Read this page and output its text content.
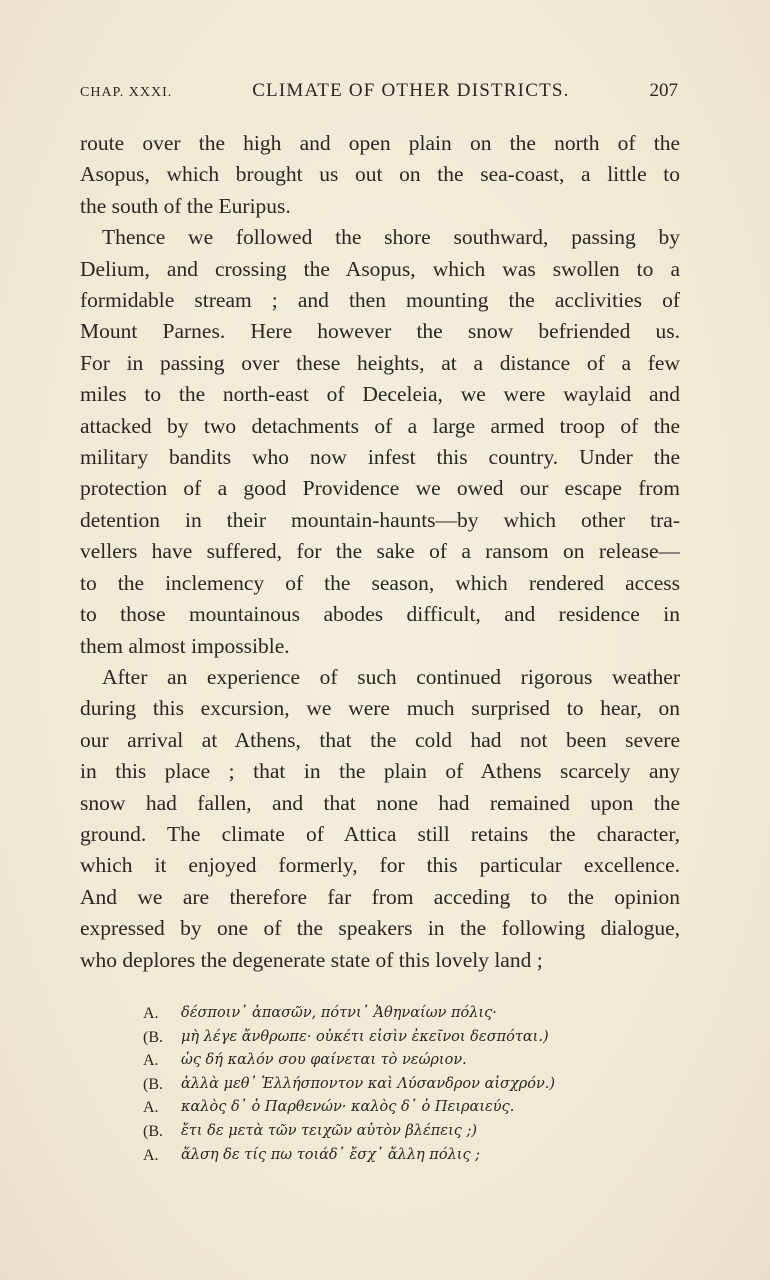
CHAP. XXXI.	CLIMATE OF OTHER DISTRICTS.	207

route over the high and open plain on the north of the
Asopus, which brought us out on the sea-coast, a little to
the south of the Euripus.

Thence we followed the shore southward, passing by
Delium, and crossing the Asopus, which was swollen to a
formidable stream ; and then mounting the acclivities of
Mount Parnes. Here however the snow befriended us.
For in passing over these heights, at a distance of a few
miles to the north-east of Deceleia, we were waylaid and
attacked by two detachments of a large armed troop of the
military bandits who now infest this country. Under the
protection of a good Providence we owed our escape from
detention in their mountain-haunts—by which other tra-
vellers have suffered, for the sake of a ransom on release—
to the inclemency of the season, which rendered access
to those mountainous abodes difficult, and residence in
them almost impossible.

After an experience of such continued rigorous weather
during this excursion, we were much surprised to hear, on
our arrival at Athens, that the cold had not been severe
in this place ; that in the plain of Athens scarcely any
snow had fallen, and that none had remained upon the
ground. The climate of Attica still retains the character,
which it enjoyed formerly, for this particular excellence.
And we are therefore far from acceding to the opinion
expressed by one of the speakers in the following dialogue,
who deplores the degenerate state of this lovely land ;

A.	δέσποιν᾽ ἁπασῶν, πότνι᾽ Ἀθηναίων πόλις·
(B.	μὴ λέγε ἄνθρωπε· οὐκέτι εἰσὶν ἐκεῖνοι δεσπόται.)
A.	ὡς δή καλόν σου φαίνεται τὸ νεώριον.
(B.	ἀλλὰ μεθ᾽ Ἑλλήσποντον καὶ Λύσανδρον αἰσχρόν.)
A.	καλὸς δ᾽ ὁ Παρθενών· καλὸς δ᾽ ὁ Πειραιεύς.
(B.	ἔτι δε μετὰ τῶν τειχῶν αὐτὸν βλέπεις ;)
A.	ἄλση δε τίς πω τοιάδ᾽ ἔσχ᾽ ἄλλη πόλις ;
